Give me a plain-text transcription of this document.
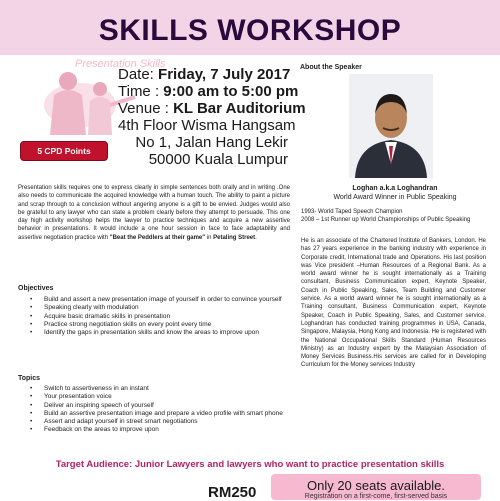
SKILLS WORKSHOP
Presentation Skills
Date: Friday, 7 July 2017
Time : 9:00 am to 5:00 pm
Venue : KL Bar Auditorium
4th Floor Wisma Hangsam
No 1, Jalan Hang Lekir
50000 Kuala Lumpur
5 CPD Points
About the Speaker
Loghan a.k.a Loghandran
World Award Winner in Public Speaking
1993- World Taped Speech Champion
2008 – 1st Runner up World Championships of Public Speaking
He is an associate of the Chartered Institute of Bankers, London. He has 27 years experience in the banking industry with experience in Corporate credit, International trade and Operations. His last position was Vice president –Human Resources of a Regional Bank. As a world award winner he is sought internationally as a Training consultant, Business Communication expert, Keynote Speaker, Coach in Public Speaking, Sales, Team Building and Customer service. As a world award winner he is sought internationally as a Training consultant, Business Communication expert, Keynote Speaker, Coach in Public Speaking, Sales, and Customer service. Loghandran has conducted training programmes in USA, Canada, Singapore, Malaysia, Hong Kong and Indonesia. He is registered with the National Occupational Skills Standard (Human Resources Ministry) as an Industry expert by the Malaysian Association of Money Services Business.His services are called for in Developing Curriculum for the Money services Industry
Presentation skills requires one to express clearly in simple sentences both orally and in writing .One also needs to communicate the acquired knowledge with a human touch. The ability to paint a picture and scrap through to a conclusion without angering anyone is a gift to be envied. Judges would also be grateful to any lawyer who can state a problem clearly before they attempt to persuade. This one day high activity workshop helps the lawyer to practice techniques and acquire a new assertive behavior in presentations. It would include a one hour session in face to face adaptability and assertive negotiation practice with "Beat the Peddlers at their game" in Petaling Street.
Objectives
• Build and assert a new presentation image of yourself in order to convince yourself
• Speaking clearly with modulation
• Acquire basic dramatic skills in presentation
• Practice strong negotiation skills on every point every time
• Identify the gaps in presentation skills and know the areas to improve upon
Topics
• Switch to assertiveness in an instant
• Your presentation voice
• Deliver an inspiring speech of yourself
• Build an assertive presentation image and prepare a video profile with smart phone
• Assert and adapt yourself in street smart negotiations
• Feedback on the areas to improve upon
Target Audience: Junior Lawyers and lawyers who want to practice presentation skills
RM250	Only 20 seats available.
Registration on a first-come, first-served basis
